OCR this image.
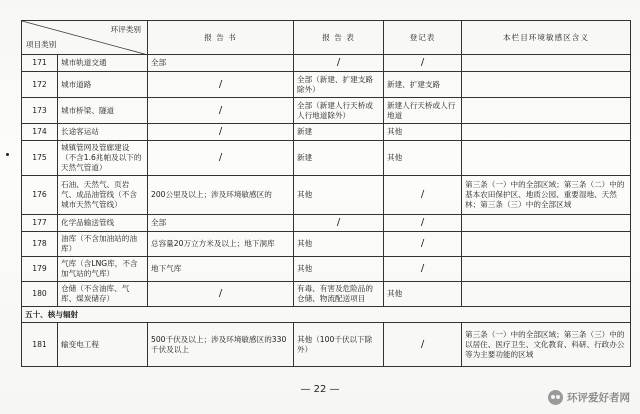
环评类别
项目类别		报 告 书	报 告 表	登记表	本栏目环境敏感区含义
171	城市轨道交通	全部	/	/	
172	城市道路	/	全部（新建、扩建支路除外）	新建、扩建支路	
173	城市桥梁、隧道	/	全部（新建人行天桥或人行地道除外）	新建人行天桥或人行地道	
174	长途客运站	/	新建	其他	
175	城镇管网及管廊建设（不含1.6兆帕及以下的天然气管道）	/	新建	其他	
176	石油、天然气、页岩气、成品油管线（不含城市天然气管线）	200公里及以上；涉及环境敏感区的	其他	/	第三条（一）中的全部区域；第三条（二）中的基本农田保护区、地质公园、重要湿地、天然林；第三条（三）中的全部区域
177	化学品输送管线	全部	/	/	
178	油库（不含加油站的油库）	总容量20万立方米及以上；地下洞库	其他	/	
179	气库（含LNG库，不含加气站的气库）	地下气库	其他	/	
180	仓储（不含油库、气库、煤炭储存）	/	有毒、有害及危险品的仓储、物流配送项目	其他	
五十、核与辐射					
181	输变电工程	500千伏及以上；涉及环境敏感区的330千伏及以上	其他（100千伏以下除外）	/	第三条（一）中的全部区域；第三条（三）中的以居住、医疗卫生、文化教育、科研、行政办公等为主要功能的区域
— 22 —
环评爱好者网
